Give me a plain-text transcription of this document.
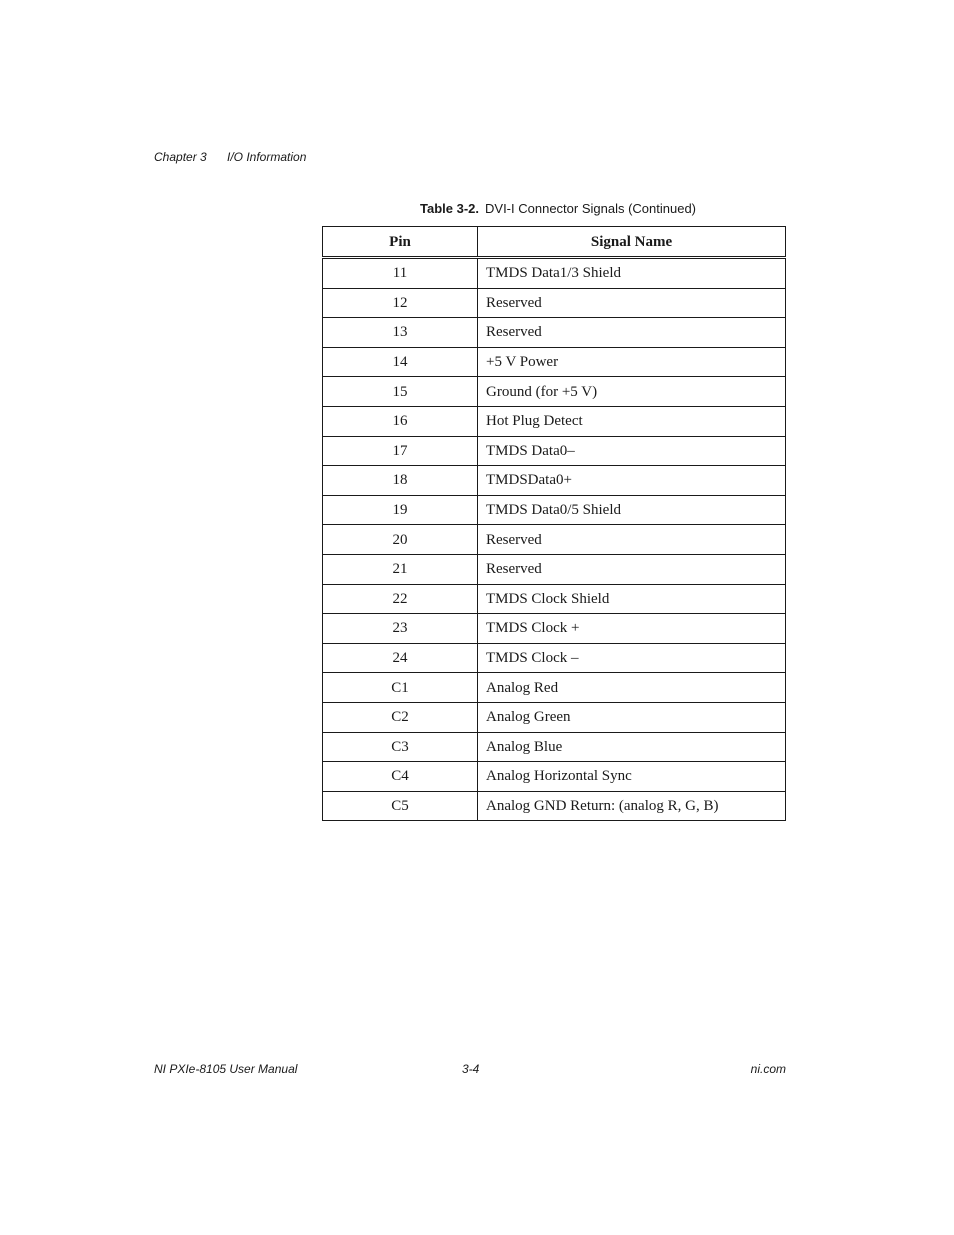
Chapter 3 I/O Information
Table 3-2. DVI-I Connector Signals (Continued)
Pin	Signal Name
11	TMDS Data1/3 Shield
12	Reserved
13	Reserved
14	+5 V Power
15	Ground (for +5 V)
16	Hot Plug Detect
17	TMDS Data0–
18	TMDSData0+
19	TMDS Data0/5 Shield
20	Reserved
21	Reserved
22	TMDS Clock Shield
23	TMDS Clock +
24	TMDS Clock –
C1	Analog Red
C2	Analog Green
C3	Analog Blue
C4	Analog Horizontal Sync
C5	Analog GND Return: (analog R, G, B)
NI PXIe-8105 User Manual	3-4	ni.com
